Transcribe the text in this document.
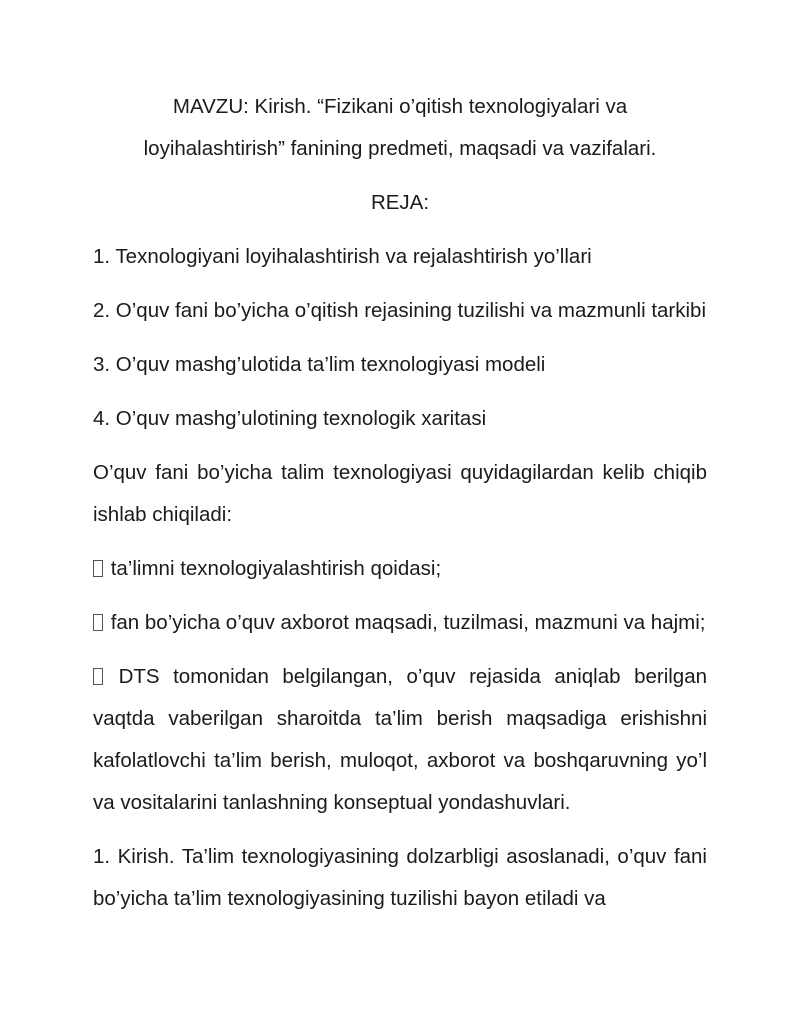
MAVZU: Kirish. “Fizikani o’qitish texnologiyalari va
loyihalashtirish” fanining predmeti, maqsadi va vazifalari.
REJA:
1. Texnologiyani loyihalashtirish va rejalashtirish yo’llari
2. O’quv fani bo’yicha o’qitish rejasining tuzilishi va mazmunli tarkibi
3. O’quv mashg’ulotida ta’lim texnologiyasi modeli
4. O’quv mashg’ulotining texnologik xaritasi
O’quv fani bo’yicha talim texnologiyasi quyidagilardan kelib chiqib ishlab chiqiladi:
ta’limni texnologiyalashtirish qoidasi;
fan bo’yicha o’quv axborot maqsadi, tuzilmasi, mazmuni va hajmi;
DTS tomonidan belgilangan, o’quv rejasida aniqlab berilgan vaqtda vaberilgan sharoitda ta’lim berish maqsadiga erishishni kafolatlovchi ta’lim berish, muloqot, axborot va boshqaruvning yo’l va vositalarini tanlashning konseptual yondashuvlari.
1. Kirish. Ta’lim texnologiyasining dolzarbligi asoslanadi, o’quv fani bo’yicha ta’lim texnologiyasining tuzilishi bayon etiladi va
